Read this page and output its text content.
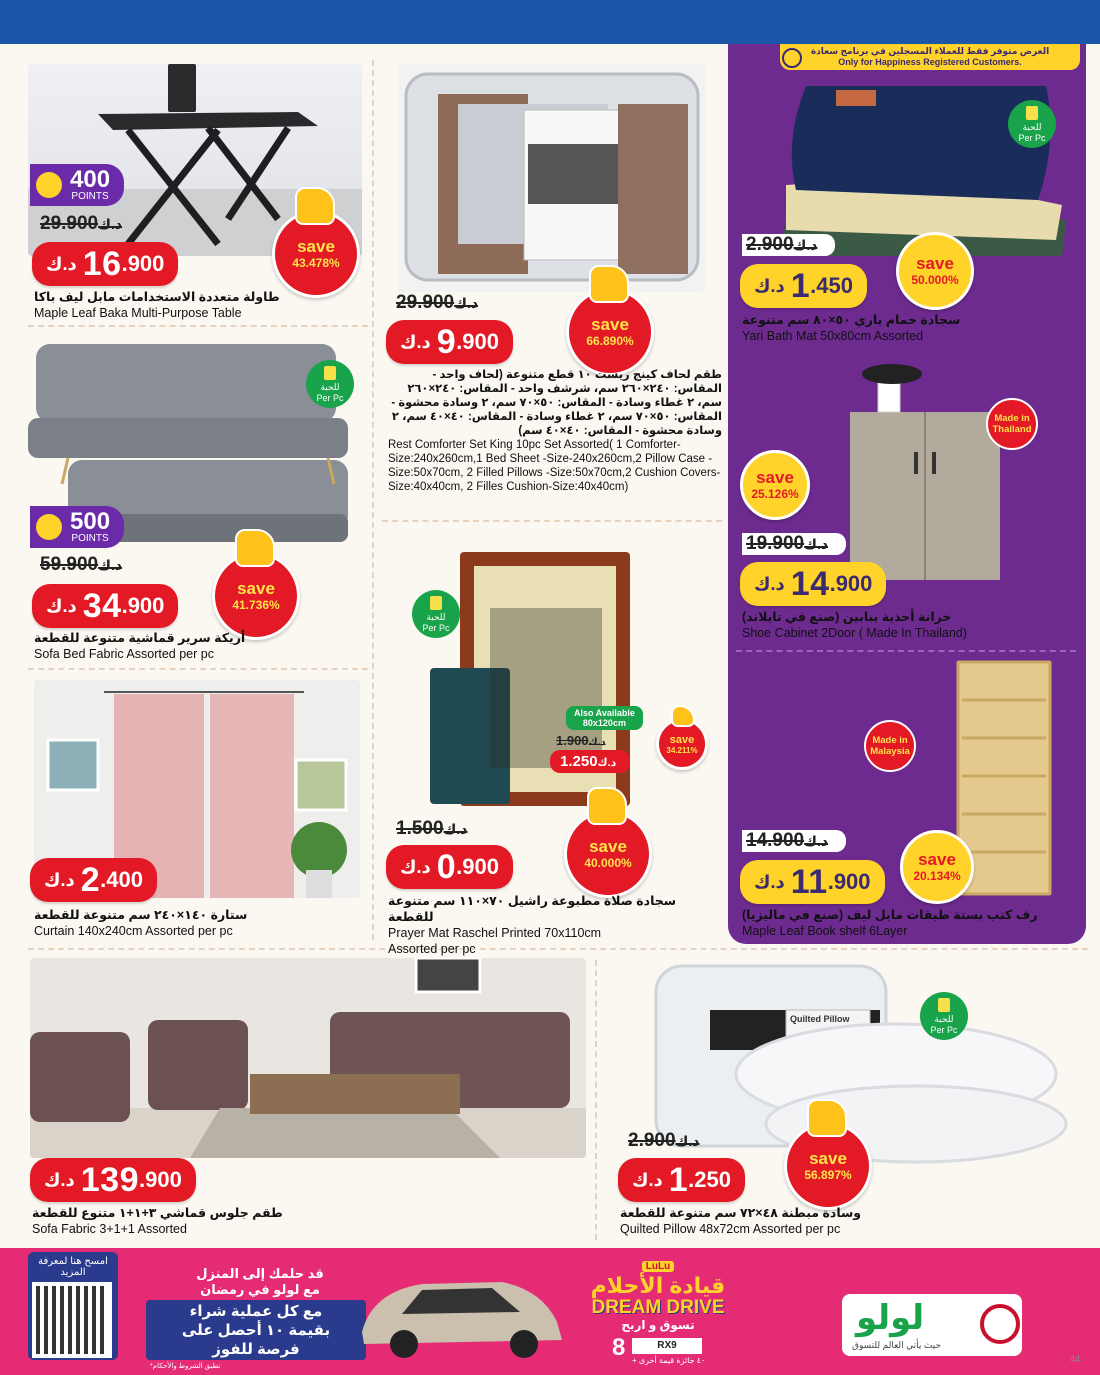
400
POINTS
د.ك29.900
د.ك 16 .900
save
43.478%
طاولة متعددة الاستخدامات مابل ليف باكا
Maple Leaf Baka Multi-Purpose Table
للحبة
Per Pc
500
POINTS
د.ك59.900
د.ك 34 .900
save
41.736%
أريكة سرير قماشية متنوعة للقطعة
Sofa Bed Fabric Assorted per pc
د.ك 2 .400
ستارة ١٤٠×٢٤٠ سم متنوعة للقطعة
Curtain 140x240cm Assorted per pc
د.ك29.900
د.ك 9 .900
save
66.890%
طقم لحاف كينج ريست ١٠ قطع متنوعة (لحاف واحد - المقاس: ٢٤٠×٢٦٠ سم، شرشف واحد - المقاس: ٢٤٠×٢٦٠ سم، ٢ غطاء وسادة - المقاس: ٥٠×٧٠ سم، ٢ وسادة محشوة - المقاس: ٥٠×٧٠ سم، ٢ غطاء وسادة - المقاس: ٤٠×٤٠ سم، ٢ وسادة محشوة - المقاس: ٤٠×٤٠ سم)
Rest Comforter Set King 10pc Set Assorted( 1 Comforter-Size:240x260cm,1 Bed Sheet -Size-240x260cm,2 Pillow Case -Size:50x70cm, 2 Filled Pillows -Size:50x70cm,2 Cushion Covers-Size:40x40cm, 2 Filles Cushion-Size:40x40cm)
للحبة
Per Pc
Also Available
80x120cm
د.ك1.900
د.ك1.250
save
34.211%
د.ك1.500
د.ك 0 .900
save
40.000%
سجادة صلاة مطبوعة راشيل ٧٠×١١٠ سم متنوعة للقطعة
Prayer Mat Raschel Printed 70x110cm
Assorted per pc
العرض متوفر فقط للعملاء المسجلين في برنامج سعادة
Only for Happiness Registered Customers.
للحبة
Per Pc
د.ك2.900
د.ك 1 .450
save
50.000%
سجادة حمام ياري ٥٠×٨٠ سم متنوعة
Yari Bath Mat 50x80cm Assorted
Made in Thailand
save
25.126%
د.ك19.900
د.ك 14 .900
خزانة أحذية ببابين (صنع في تايلاند)
Shoe Cabinet 2Door ( Made In Thailand)
Made in Malaysia
د.ك14.900
د.ك 11 .900
save
20.134%
رف كتب بستة طبقات مابل ليف (صنع في ماليزيا)
Maple Leaf Book shelf 6Layer
د.ك 139 .900
طقم جلوس قماشي ٣+١+١ متنوع للقطعة
Sofa Fabric 3+1+1 Assorted
Quilted Pillow	للحبة
Per Pc
د.ك2.900
د.ك 1 .250
save
56.897%
وسادة مبطنة ٤٨×٧٢ سم متنوعة للقطعة
Quilted Pillow 48x72cm Assorted per pc
امسح هنا لمعرفة المزيد	قد حلمك إلى المنزل
مع لولو في رمضان
مع كل عملية شراء
بقيمة ١٠ أحصل على
فرصة للفوز
*تطبق الشروط والأحكام
LuLu
قيادة الأحلام
DREAM DRIVE
تسوق و اربح
8	RX9
+ ٤٠ جائزة قيمة أخرى
لولو
حيث يأتي العالم للتسوق
44
